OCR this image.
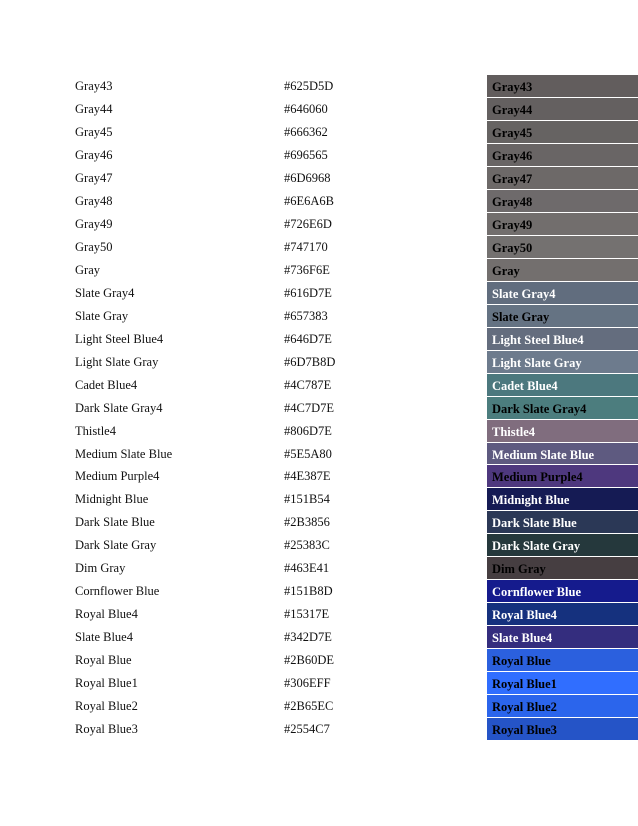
Gray43	#625D5D	Gray43
Gray44	#646060	Gray44
Gray45	#666362	Gray45
Gray46	#696565	Gray46
Gray47	#6D6968	Gray47
Gray48	#6E6A6B	Gray48
Gray49	#726E6D	Gray49
Gray50	#747170	Gray50
Gray	#736F6E	Gray
Slate Gray4	#616D7E	Slate Gray4
Slate Gray	#657383	Slate Gray
Light Steel Blue4	#646D7E	Light Steel Blue4
Light Slate Gray	#6D7B8D	Light Slate Gray
Cadet Blue4	#4C787E	Cadet Blue4
Dark Slate Gray4	#4C7D7E	Dark Slate Gray4
Thistle4	#806D7E	Thistle4
Medium Slate Blue	#5E5A80	Medium Slate Blue
Medium Purple4	#4E387E	Medium Purple4
Midnight Blue	#151B54	Midnight Blue
Dark Slate Blue	#2B3856	Dark Slate Blue
Dark Slate Gray	#25383C	Dark Slate Gray
Dim Gray	#463E41	Dim Gray
Cornflower Blue	#151B8D	Cornflower Blue
Royal Blue4	#15317E	Royal Blue4
Slate Blue4	#342D7E	Slate Blue4
Royal Blue	#2B60DE	Royal Blue
Royal Blue1	#306EFF	Royal Blue1
Royal Blue2	#2B65EC	Royal Blue2
Royal Blue3	#2554C7	Royal Blue3
